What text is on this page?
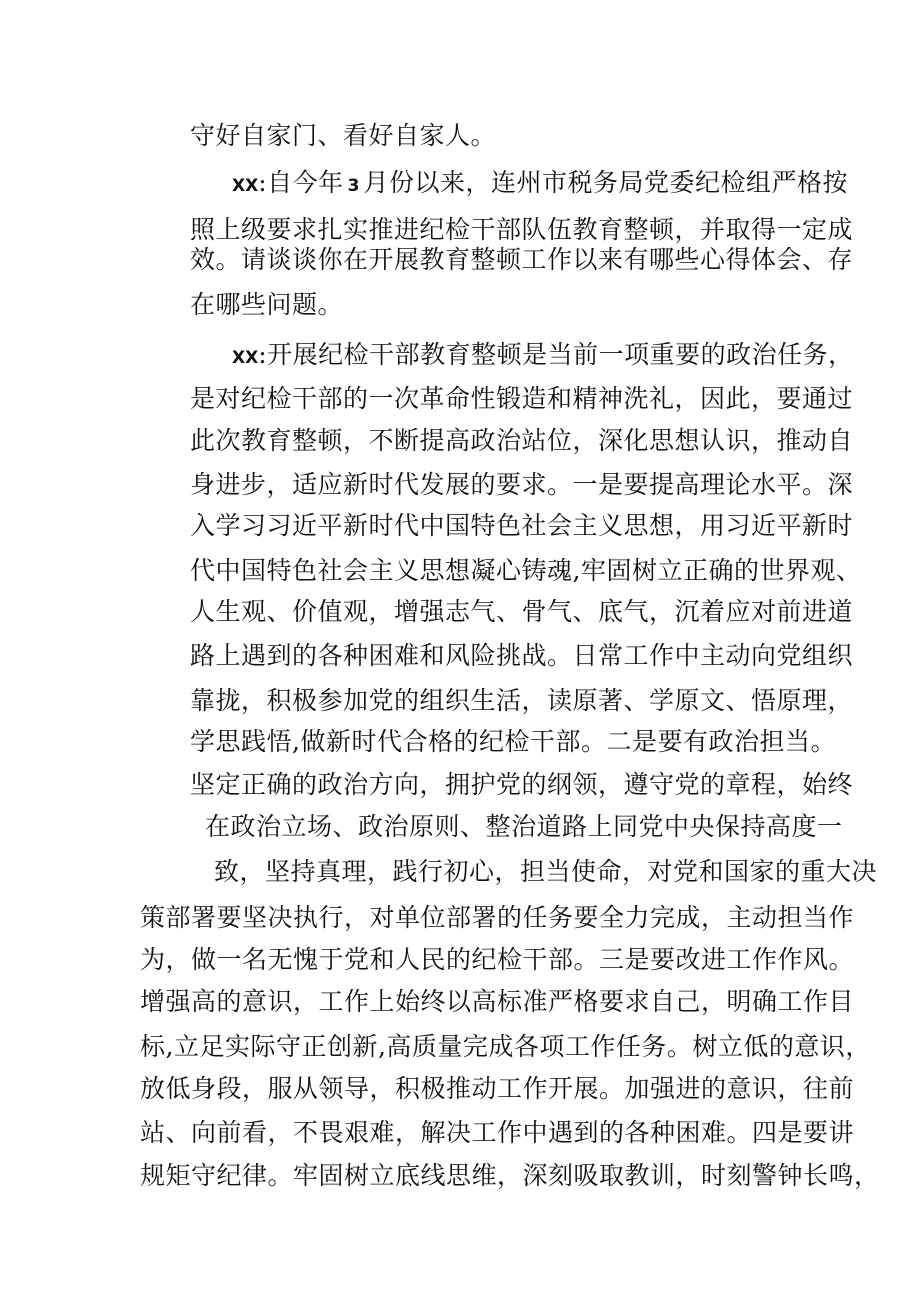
守好自家门、看好自家人。
XX:自今年 3 月份以来，连州市税务局党委纪检组严格按
照上级要求扎实推进纪检干部队伍教育整顿，并取得一定成
效。请谈谈你在开展教育整顿工作以来有哪些心得体会、存
在哪些问题。
XX:开展纪检干部教育整顿是当前一项重要的政治任务，
是对纪检干部的一次革命性锻造和精神洗礼，因此，要通过
此次教育整顿，不断提高政治站位，深化思想认识，推动自
身进步，适应新时代发展的要求。一是要提高理论水平。深
入学习习近平新时代中国特色社会主义思想，用习近平新时
代中国特色社会主义思想凝心铸魂,牢固树立正确的世界观、
人生观、价值观，增强志气、骨气、底气，沉着应对前进道
路上遇到的各种困难和风险挑战。日常工作中主动向党组织
靠拢，积极参加党的组织生活，读原著、学原文、悟原理，
学思践悟,做新时代合格的纪检干部。二是要有政治担当。
坚定正确的政治方向，拥护党的纲领，遵守党的章程，始终
在政治立场、政治原则、整治道路上同党中央保持高度一
致，坚持真理，践行初心，担当使命，对党和国家的重大决
策部署要坚决执行，对单位部署的任务要全力完成，主动担当作
为，做一名无愧于党和人民的纪检干部。三是要改进工作作风。
增强高的意识，工作上始终以高标准严格要求自己，明确工作目
标,立足实际守正创新,高质量完成各项工作任务。树立低的意识，
放低身段，服从领导，积极推动工作开展。加强进的意识，往前
站、向前看，不畏艰难，解决工作中遇到的各种困难。四是要讲
规矩守纪律。牢固树立底线思维，深刻吸取教训，时刻警钟长鸣，
